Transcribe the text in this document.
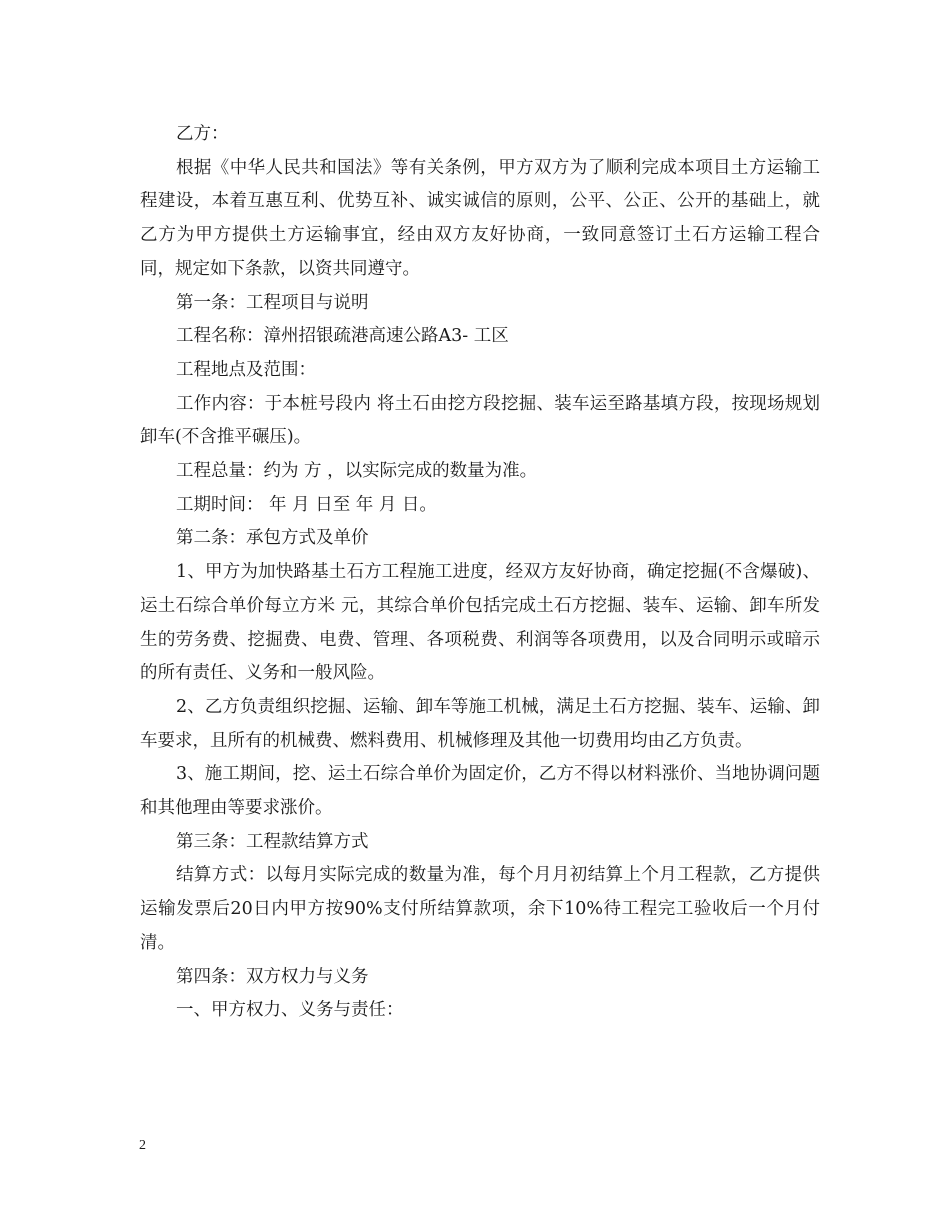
乙方：

根据《中华人民共和国法》等有关条例，甲方双方为了顺利完成本项目土方运输工程建设，本着互惠互利、优势互补、诚实诚信的原则，公平、公正、公开的基础上，就乙方为甲方提供土方运输事宜，经由双方友好协商，一致同意签订土石方运输工程合同，规定如下条款，以资共同遵守。

第一条：工程项目与说明

工程名称：漳州招银疏港高速公路A3- 工区

工程地点及范围：

工作内容：于本桩号段内 将土石由挖方段挖掘、装车运至路基填方段，按现场规划卸车(不含推平碾压)。

工程总量：约为 方 ，以实际完成的数量为准。

工期时间： 年 月 日至 年 月 日。

第二条：承包方式及单价

1、甲方为加快路基土石方工程施工进度，经双方友好协商，确定挖掘(不含爆破)、运土石综合单价每立方米 元，其综合单价包括完成土石方挖掘、装车、运输、卸车所发生的劳务费、挖掘费、电费、管理、各项税费、利润等各项费用，以及合同明示或暗示的所有责任、义务和一般风险。

2、乙方负责组织挖掘、运输、卸车等施工机械，满足土石方挖掘、装车、运输、卸车要求，且所有的机械费、燃料费用、机械修理及其他一切费用均由乙方负责。

3、施工期间，挖、运土石综合单价为固定价，乙方不得以材料涨价、当地协调问题和其他理由等要求涨价。

第三条：工程款结算方式

结算方式：以每月实际完成的数量为准，每个月月初结算上个月工程款，乙方提供运输发票后20日内甲方按90%支付所结算款项，余下10%待工程完工验收后一个月付清。

第四条：双方权力与义务

一、甲方权力、义务与责任：

2
